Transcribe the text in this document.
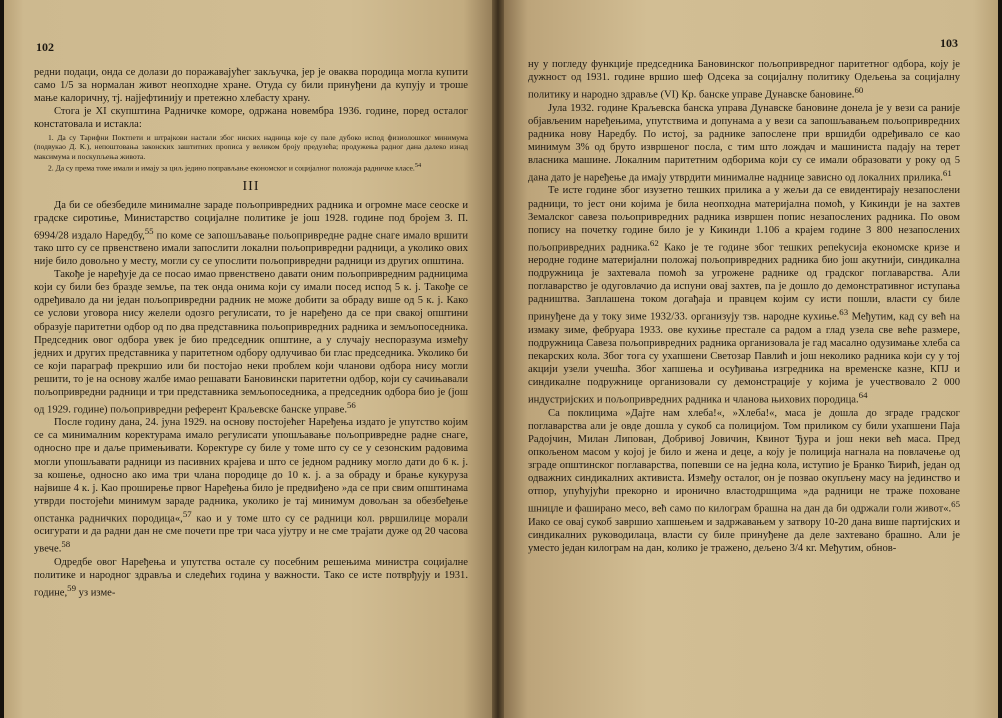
102

редни подаци, онда се долази до поражавајућег закључка, јер је оваква породица могла купити само 1/5 за нормалан живот неопходне хране. Отуда су били принуђени да купују и троше мање калоричну, тј. најјефтинију и претежно хлебасту храну.

Стога је XI скупштина Радничке коморе, одржана новембра 1936. године, поред осталог констатовала и истакла:

1. Да су Тарифни Поктпети и штрајкови настали због ниских надница које су пале дубоко испод физиолошког минимума (подвукао Д. К.), непоштовања законских заштитних прописа у великом броју предузећа; продужења радног дана далеко изнад максимума и поскупљења живота.

2. Да су према томе имали и имају за циљ једино поправљање економског и социјалног положаја радничке класе.$^{54}$

III

Да би се обезбедиле минималне зараде пољопривредних радника и огромне масе сеоске и градске сиротиње, Министарство социјалне политике је још 1928. године под бројем З. П. 6994/28 издало Наредбу,$^{55}$ по коме се запошљавање пољопривредне радне снаге имало вршити тако што су се првенствено имали запослити локални пољопривредни радници, а уколико ових није било довољно у месту, могли су се упослити пољопривредни радници из других општина.

Такође је наређује да се посао имао првенствено давати оним пољопривредним радницима који су били без браздe земље, па тек онда онима који су имали посед испод 5 к. ј. Такође се одређивало да ни један пољопривредни радник не може добити за обраду више од 5 к. ј. Како се услови уговора нису желели одозго регулисати, то је наређено да се при свакој општини образује паритетни одбор од по два представника пољопривредних радника и земљопоседника. Председник овог одбора увек је био председник општине, а у случају неспоразума између једних и других представника у паритетном одбору одлучивао би глас председника. Уколико би се који параграф прекршио или би постојао неки проблем који чланови одбора нису могли решити, то је на основу жалбе имао решавати Бановински паритетни одбор, који су сачињавали пољопривредни радници и три представника земљопоседника, а председник одбора био је (још од 1929. године) пољопривредни референт Краљевске банске управе.$^{56}$

После годину дана, 24. јуна 1929. на основу постојећег Наређења издато је упутство којим се са минималним коректурама имало регулисати упошљавање пољопривредне радне снаге, односно пре и даље примењивати. Коректуре су биле у томе што су се у сезонским радовима могли упошљавати радници из пасивних крајева и што се једном раднику могло дати до 6 к. ј. за кошење, односно ако има три члана породице до 10 к. ј. а за обраду и брање кукуруза највише 4 к. ј. Као проширење првог Наређења било је предвиђено »да се при свим општинама утврди постојећи минимум зараде радника, уколико је тај минимум довољан за обезбеђење опстанка радничких породица«,$^{57}$ као и у томе што су се радници кол. рвршилице морали осигурати и да радни дан не сме почети пре три часа ујутру и не сме трајати дуже од 20 часова увече.$^{58}$

Одредбе овог Наређења и упутства остале су посебним решењима министра социјалне политике и народног здравља и следећих година у важности. Тако се исте потврђују и 1931. године,$^{59}$ уз изме-

103

ну у погледу функције председника Бановинског пољопривредног паритетног одбора, коју је дужност од 1931. године вршио шеф Одсека за социјалну политику Одељења за социјалну политику и народно здравље (VI) Кр. банске управе Дунавске бановине.$^{60}$

Јула 1932. године Краљевска банска управа Дунавске бановине донела је у вези са раније објављеним наређењима, упутствима и допунама а у вези са запошљавањем пољопривредних радника нову Наредбу. По истој, за раднике запослене при вршидби одређивало се као минимум 3% од бруто извршеног посла, с тим што лождач и машиниста падају на терет власника машине. Локалним паритетним одборима који су се имали образовати у року од 5 дана дато је наређење да имају утврдити минималне наднице зависно од локалних прилика.$^{61}$

Те исте године због изузетно тешких прилика а у жељи да се евидентирају незапослени радници, то јест они којима је била неопходна материјална помоћ, у Кикинди је на захтев Земалског савеза пољопривредних радника извршен попис незапослених радника. По овом попису на почетку године било је у Кикинди 1.106 а крајем године 3 800 незапослених пољопривредних радника.$^{62}$ Како је те године због тешких репеkусија економске кризе и неродне године материјални положај пољопривредних радника био још акутнији, синдикална подружница је захтевала помоћ за угрожене раднике од градског поглаварства. Али поглаварство је одуговлачио да испуни овај захтев, па је дошло до демонстративног иступања радништва. Заплашена током догађаја и правцем којим су исти пошли, власти су биле принуђене да у току зиме 1932/33. организују тзв. народне кухиње.$^{63}$ Међутим, кад су већ на измаку зиме, фебруара 1933. ове кухиње престале са радом а глад узела све већe размере, подружница Савеза пољопривредних радника организовала је гад масално одузимање хлеба са пекарских кола. Због тога су ухапшени Светозар Павлић и још неколико радника који су у тој акцији узели учешћа. Због хапшења и осуђивања изгредника на временске казне, КПЈ и синдикалне подружнице организовали су демонстрације у којима је учествовало 2 000 индустријских и пољопривредних радника и чланова њихових породица.$^{64}$

Са поклицима »Дајте нам хлеба!«, »Хлеба!«, маса је дошла до зграде градског поглаварства али је овде дошла у сукоб са полицијом. Том приликом су били ухапшени Паја Радојчин, Милан Липован, Добривој Јовичин, Квинот Ђура и још неки већ маса. Пред опкољеном масом у којој је било и жена и деце, а коју је полиција нагнала на повлачење од зграде општинског поглаварства, попевши се на једна кола, иступио је Бранко Ћирић, један од одважних синдикалних активиста. Између осталог, он је позвао окупљену масу на јединство и отпор, упућујући прекорно и иронично властодршцима »да радници не траже поховане шницле и фаширано месо, већ само по килограм брашна на дан да би одржали голи живот«.$^{65}$ Иако се овај сукоб завршио хапшењем и задржавањем у затвору 10-20 дана више партијских и синдикалних руководилаца, власти су биле принуђене да деле захтевано брашно. Али је уместо један килограм на дан, колико је тражено, дељено 3/4 кг. Међутим, обнов-
